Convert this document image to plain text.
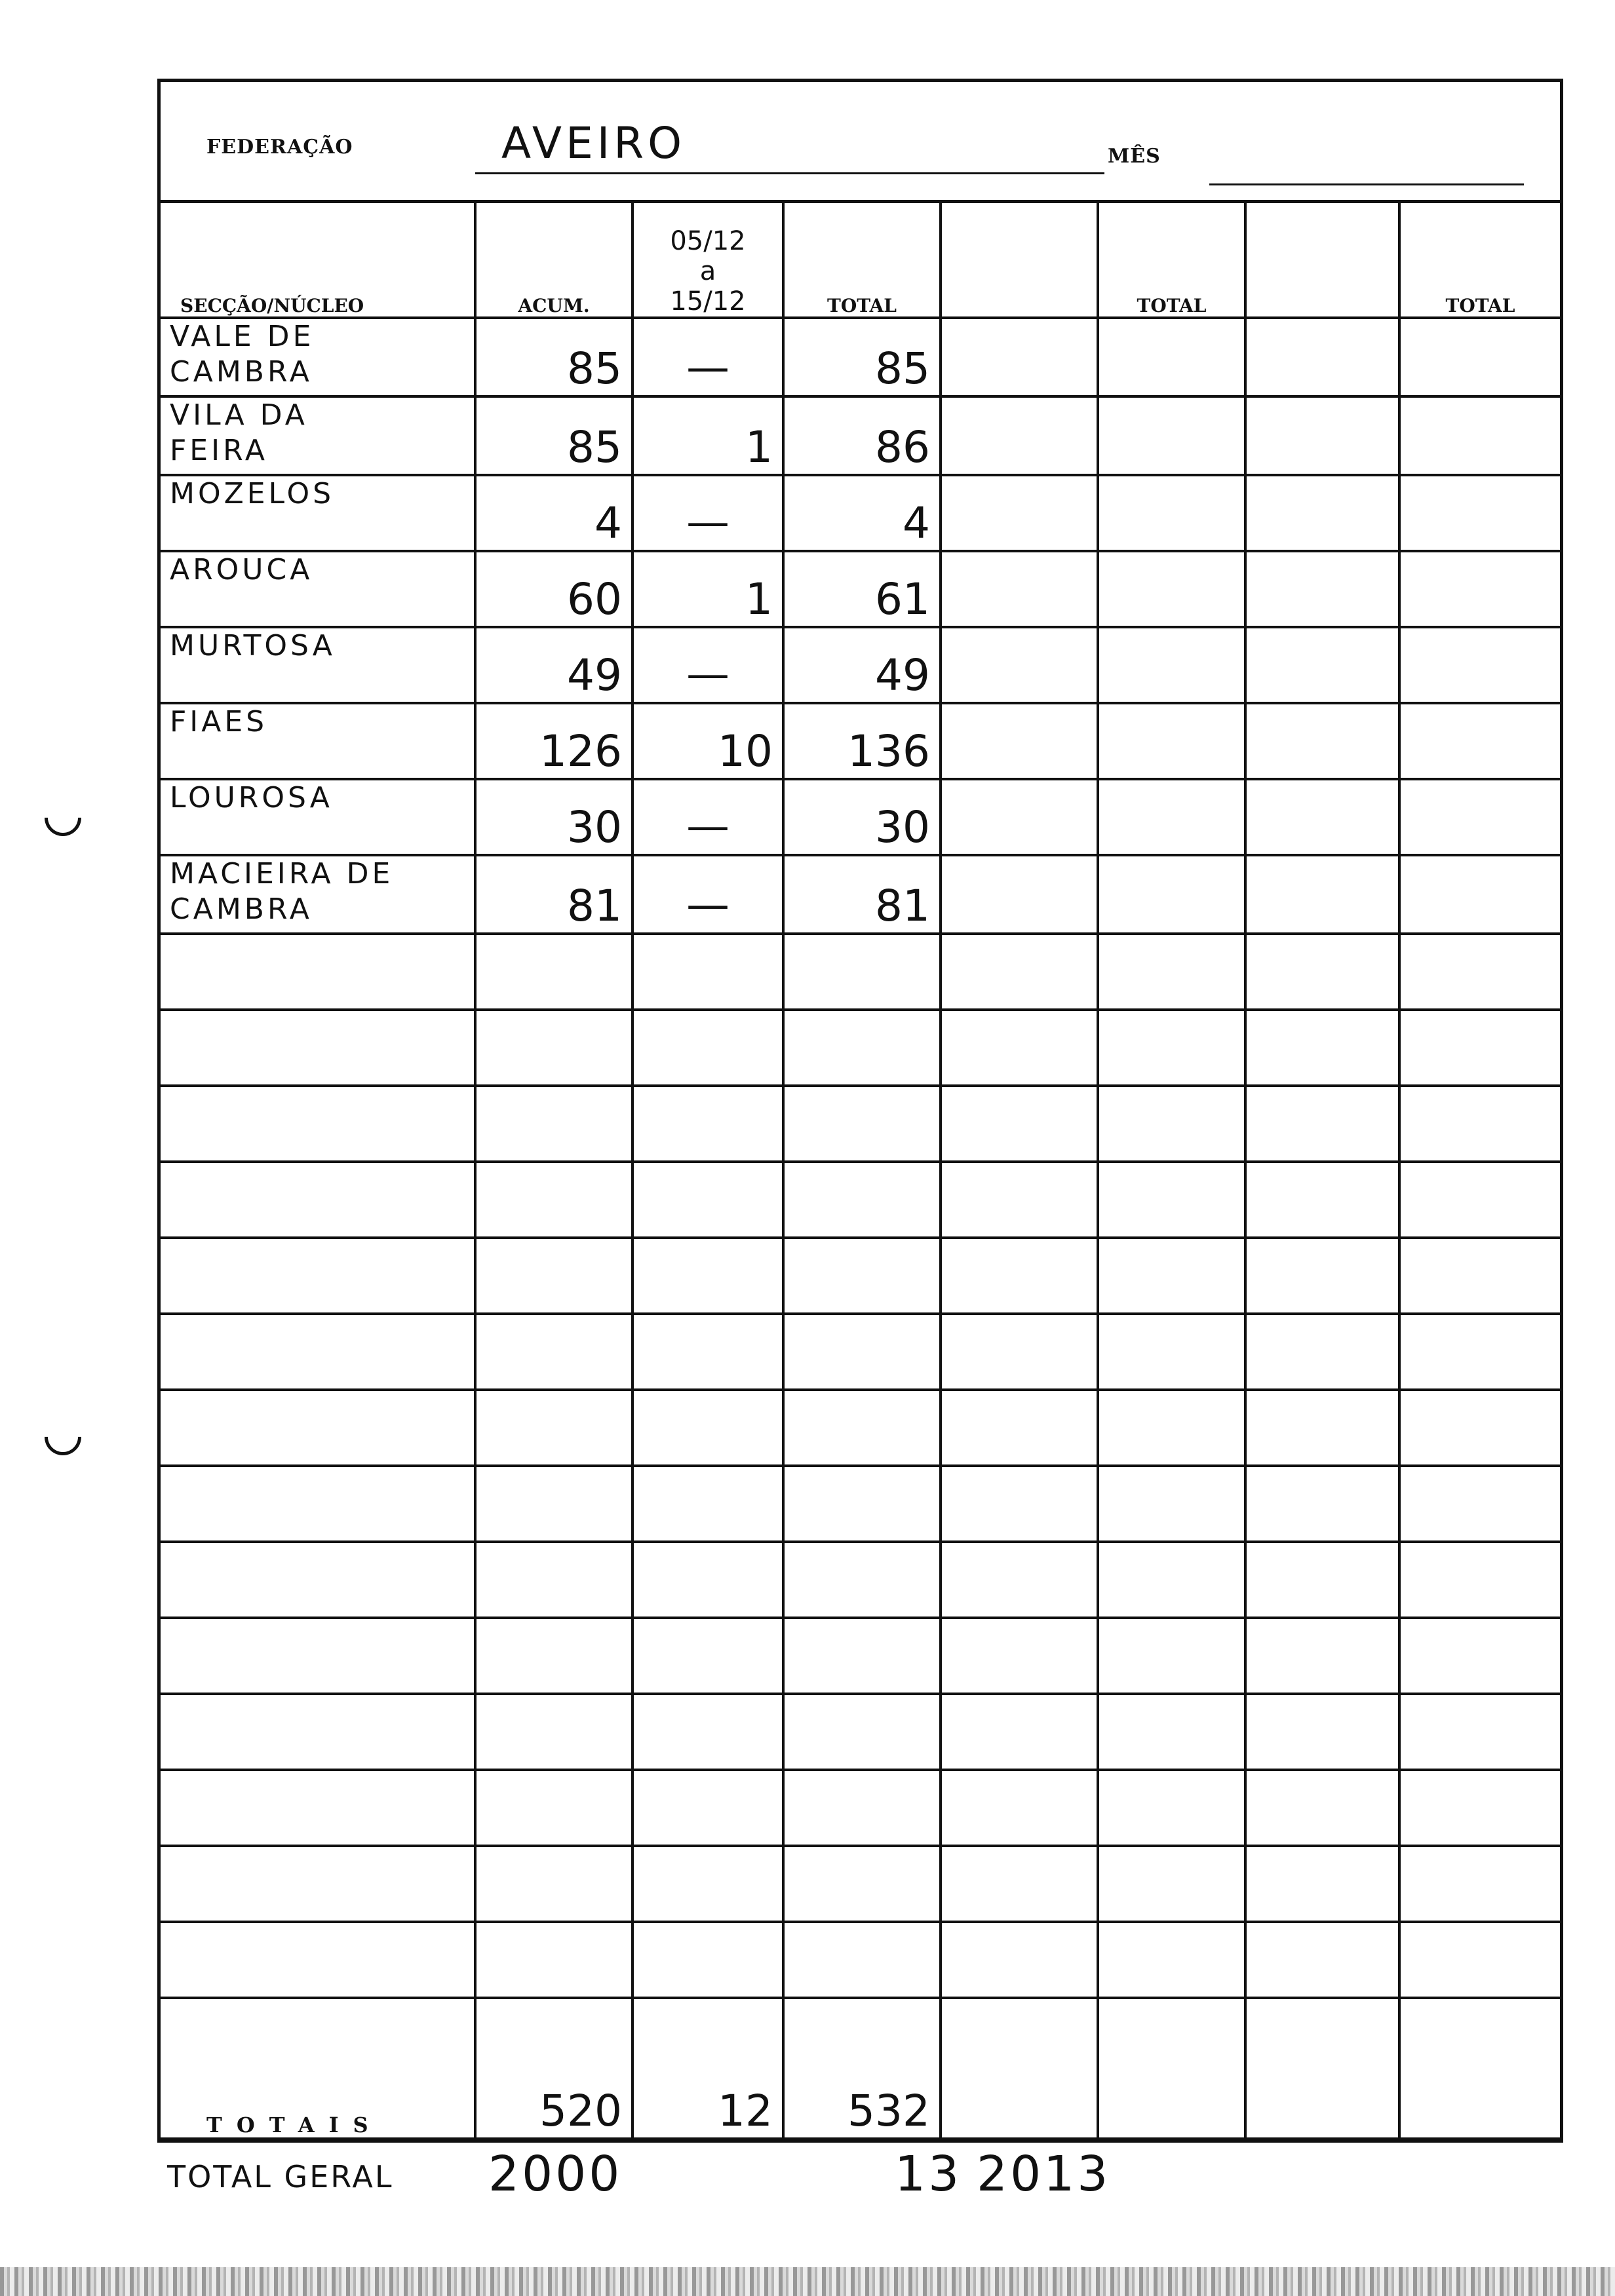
FEDERAÇÃO	AVEIRO	MÊS
SECÇÃO/NÚCLEO	ACUM.	05/12
a
15/12	TOTAL		TOTAL		TOTAL

VALE DE
CAMBRA	85	—	85				

VILA DA
FEIRA	85	1	86				

MOZELOS	4	—	4				

AROUCA	60	1	61				

MURTOSA	49	—	49				

FIAES	126	10	136				

LOUROSA	30	—	30				

MACIEIRA DE
CAMBRA	81	—	81				

TOTAIS	520	12	532				

TOTAL GERAL 2000	13 2013
